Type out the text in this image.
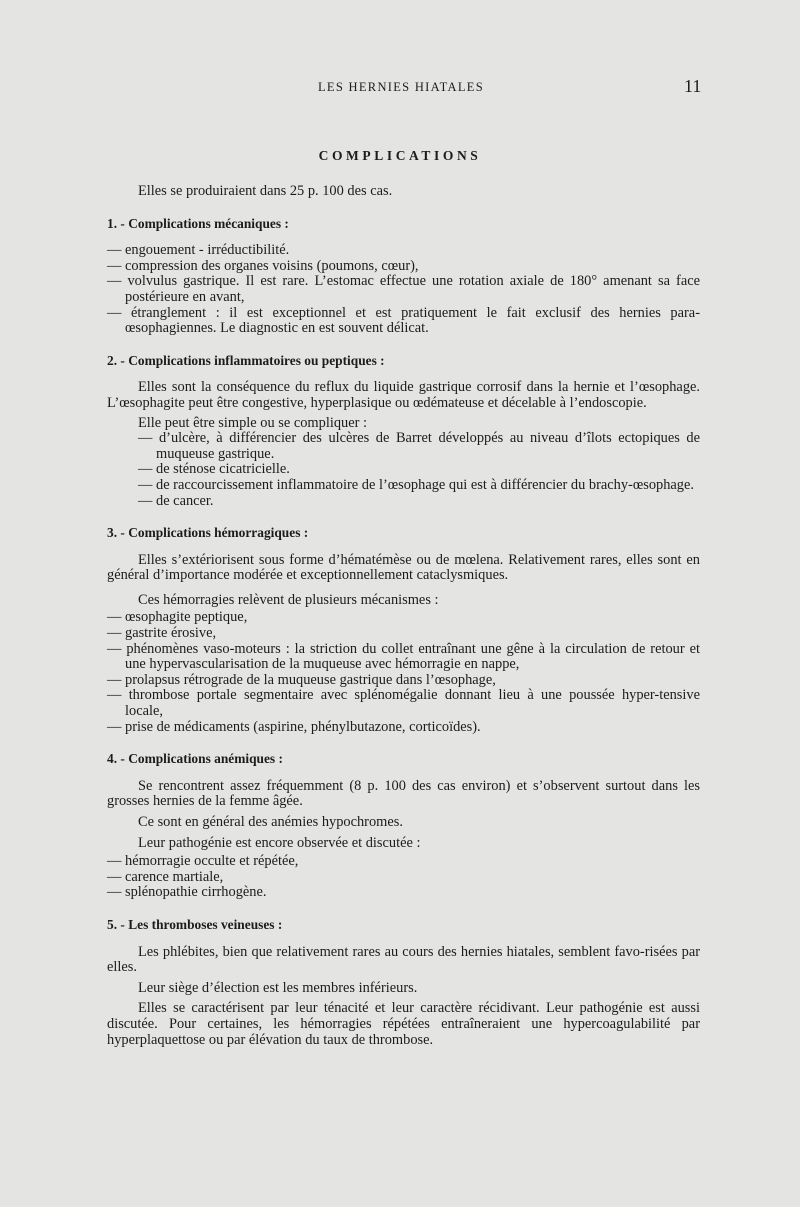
LES HERNIES HIATALES	11
COMPLICATIONS

Elles se produiraient dans 25 p. 100 des cas.

1. - Complications mécaniques :

— engouement - irréductibilité.
— compression des organes voisins (poumons, cœur),
— volvulus gastrique. Il est rare. L’estomac effectue une rotation axiale de 180° amenant sa face postérieure en avant,
— étranglement : il est exceptionnel et est pratiquement le fait exclusif des hernies para-œsophagiennes. Le diagnostic en est souvent délicat.

2. - Complications inflammatoires ou peptiques :

Elles sont la conséquence du reflux du liquide gastrique corrosif dans la hernie et l’œsophage. L’œsophagite peut être congestive, hyperplasique ou œdémateuse et décelable à l’endoscopie.

Elle peut être simple ou se compliquer :

— d’ulcère, à différencier des ulcères de Barret développés au niveau d’îlots ectopiques de muqueuse gastrique.
— de sténose cicatricielle.
— de raccourcissement inflammatoire de l’œsophage qui est à différencier du brachy-œsophage.
— de cancer.

3. - Complications hémorragiques :

Elles s’extériorisent sous forme d’hématémèse ou de mœlena. Relativement rares, elles sont en général d’importance modérée et exceptionnellement cataclysmiques.

Ces hémorragies relèvent de plusieurs mécanismes :

— œsophagite peptique,
— gastrite érosive,
— phénomènes vaso-moteurs : la striction du collet entraînant une gêne à la circulation de retour et une hypervascularisation de la muqueuse avec hémorragie en nappe,
— prolapsus rétrograde de la muqueuse gastrique dans l’œsophage,
— thrombose portale segmentaire avec splénomégalie donnant lieu à une poussée hyper-tensive locale,
— prise de médicaments (aspirine, phénylbutazone, corticoïdes).

4. - Complications anémiques :

Se rencontrent assez fréquemment (8 p. 100 des cas environ) et s’observent surtout dans les grosses hernies de la femme âgée.

Ce sont en général des anémies hypochromes.

Leur pathogénie est encore observée et discutée :

— hémorragie occulte et répétée,
— carence martiale,
— splénopathie cirrhogène.

5. - Les thromboses veineuses :

Les phlébites, bien que relativement rares au cours des hernies hiatales, semblent favo-risées par elles.

Leur siège d’élection est les membres inférieurs.

Elles se caractérisent par leur ténacité et leur caractère récidivant. Leur pathogénie est aussi discutée. Pour certaines, les hémorragies répétées entraîneraient une hypercoagulabilité par hyperplaquettose ou par élévation du taux de thrombose.
